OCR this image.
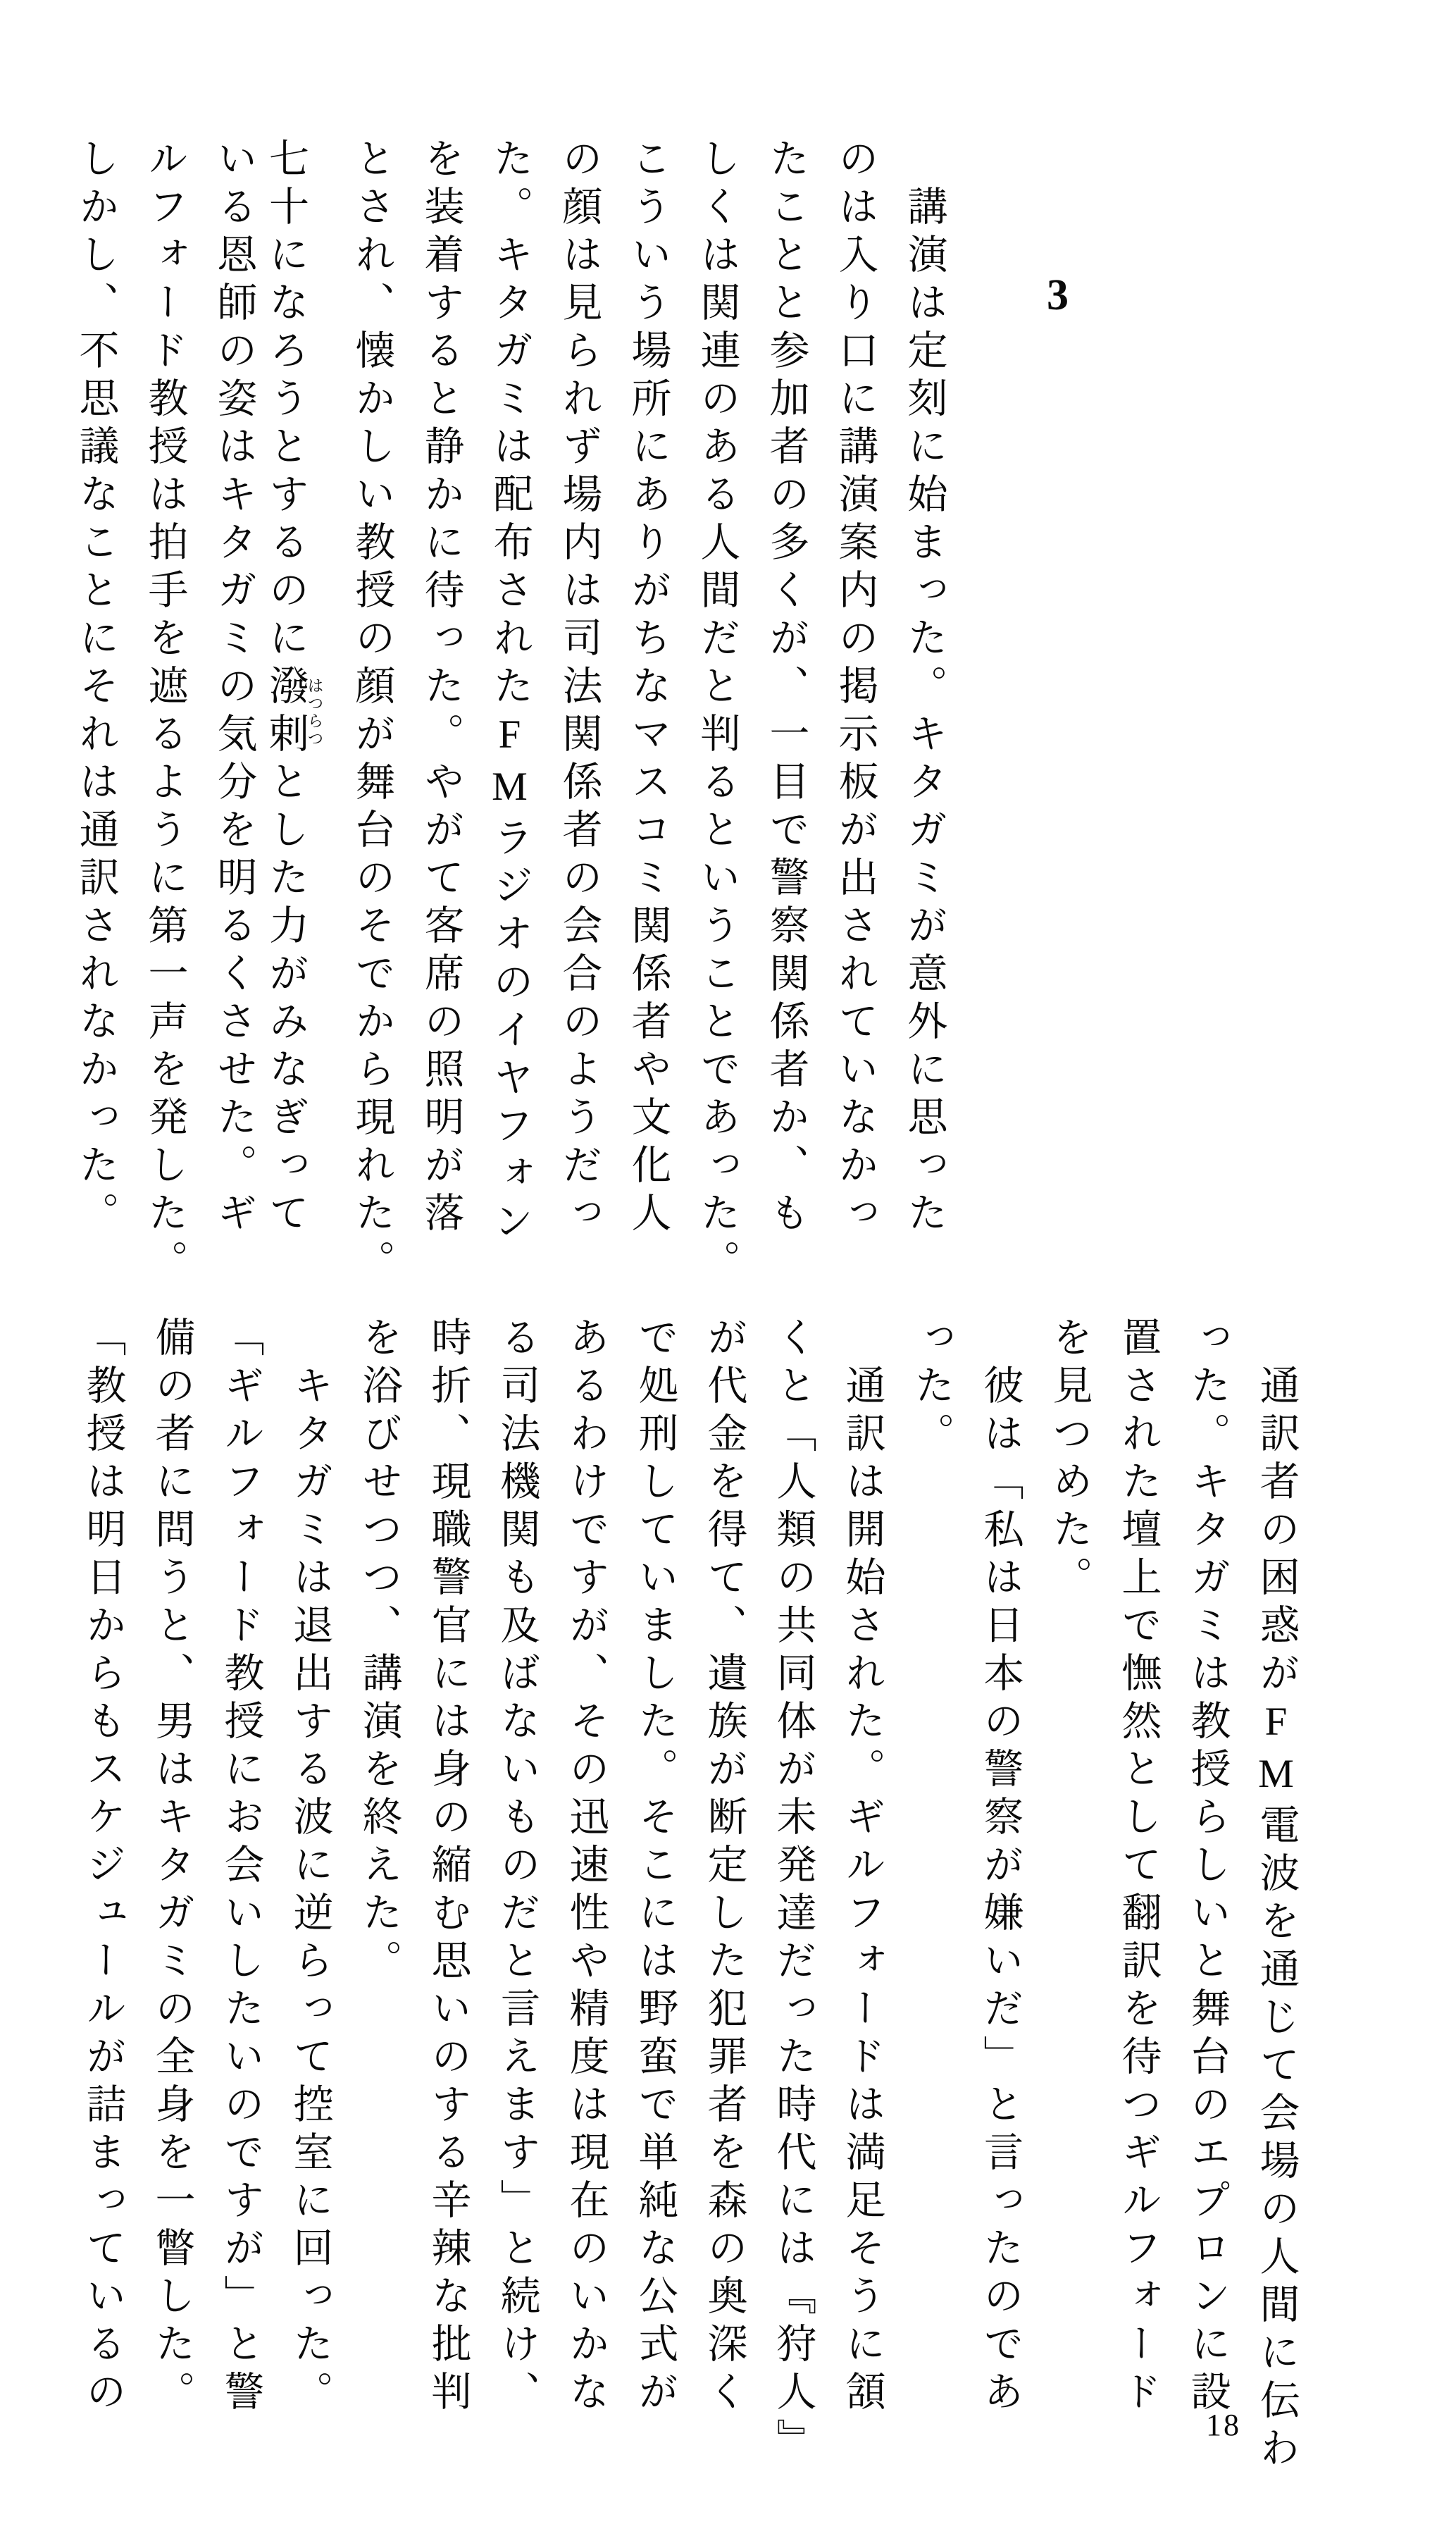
3
講演は定刻に始まった。キタガミが意外に思った
のは入り口に講演案内の掲示板が出されていなかっ
たことと参加者の多くが、一目で警察関係者か、も
しくは関連のある人間だと判るということであった。
こういう場所にありがちなマスコミ関係者や文化人
の顔は見られず場内は司法関係者の会合のようだっ
た。キタガミは配布されたFMラジオのイヤフォン
を装着すると静かに待った。やがて客席の照明が落
とされ、懐かしい教授の顔が舞台のそでから現れた。
七十になろうとするのに潑剌はつらつとした力がみなぎって
いる恩師の姿はキタガミの気分を明るくさせた。ギ
ルフォード教授は拍手を遮るように第一声を発した。
しかし、不思議なことにそれは通訳されなかった。
通訳者の困惑がFM電波を通じて会場の人間に伝わ
った。キタガミは教授らしいと舞台のエプロンに設
置された壇上で憮然として翻訳を待つギルフォード
を見つめた。
彼は「私は日本の警察が嫌いだ」と言ったのであ
った。
通訳は開始された。ギルフォードは満足そうに頷
くと「人類の共同体が未発達だった時代には『狩人』
が代金を得て、遺族が断定した犯罪者を森の奥深く
で処刑していました。そこには野蛮で単純な公式が
あるわけですが、その迅速性や精度は現在のいかな
る司法機関も及ばないものだと言えます」と続け、
時折、現職警官には身の縮む思いのする辛辣な批判
を浴びせつつ、講演を終えた。
キタガミは退出する波に逆らって控室に回った。
「ギルフォード教授にお会いしたいのですが」と警
備の者に問うと、男はキタガミの全身を一瞥した。
「教授は明日からもスケジュールが詰まっているの
18
